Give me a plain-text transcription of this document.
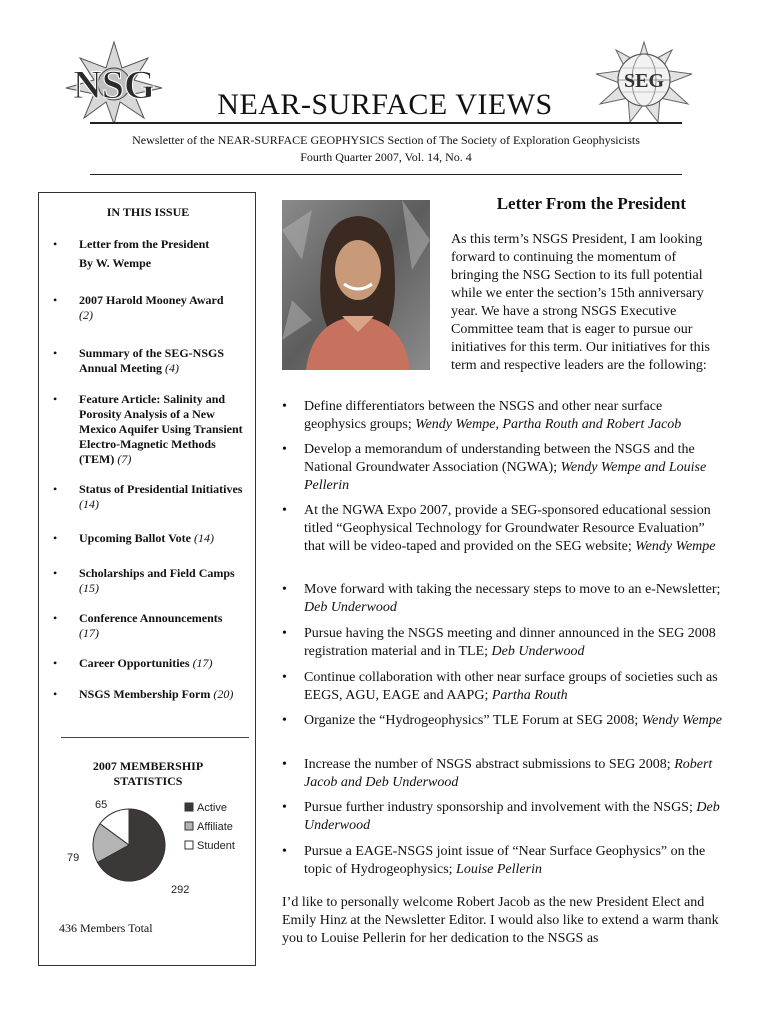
NSG	SEG
NEAR-SURFACE VIEWS
Newsletter of the NEAR-SURFACE GEOPHYSICS Section of The Society of Exploration Geophysicists
Fourth Quarter 2007, Vol. 14, No. 4
IN THIS ISSUE
• Letter from the President
By W. Wempe
• 2007 Harold Mooney Award
(2)
• Summary of the SEG-NSGS Annual Meeting (4)
• Feature Article: Salinity and Porosity Analysis of a New Mexico Aquifer Using Transient Electro-Magnetic Methods (TEM) (7)
• Status of Presidential Initiatives (14)
• Upcoming Ballot Vote (14)
• Scholarships and Field Camps
(15)
• Conference Announcements
(17)
• Career Opportunities (17)
• NSGS Membership Form (20)
2007 MEMBERSHIP
STATISTICS
292
79
65	Active
Affiliate
Student
436 Members Total
Letter From the President
As this term’s NSGS President, I am looking forward to continuing the momentum of bringing the NSG Section to its full potential while we enter the section’s 15th anniversary year. We have a strong NSGS Executive Committee team that is eager to pursue our initiatives for this term. Our initiatives for this term and respective leaders are the following:
• Define differentiators between the NSGS and other near surface geophysics groups; Wendy Wempe, Partha Routh and Robert Jacob
• Develop a memorandum of understanding between the NSGS and the National Groundwater Association (NGWA); Wendy Wempe and Louise Pellerin
• At the NGWA Expo 2007, provide a SEG-sponsored educational session titled “Geophysical Technology for Groundwater Resource Evaluation” that will be video-taped and provided on the SEG website; Wendy Wempe
• Move forward with taking the necessary steps to move to an e-Newsletter; Deb Underwood
• Pursue having the NSGS meeting and dinner announced in the SEG 2008 registration material and in TLE; Deb Underwood
• Continue collaboration with other near surface groups of societies such as EEGS, AGU, EAGE and AAPG; Partha Routh
• Organize the “Hydrogeophysics” TLE Forum at SEG 2008; Wendy Wempe
• Increase the number of NSGS abstract submissions to SEG 2008; Robert Jacob and Deb Underwood
• Pursue further industry sponsorship and involvement with the NSGS; Deb Underwood
• Pursue a EAGE-NSGS joint issue of “Near Surface Geophysics” on the topic of Hydrogeophysics; Louise Pellerin
I’d like to personally welcome Robert Jacob as the new President Elect and Emily Hinz at the Newsletter Editor. I would also like to extend a warm thank you to Louise Pellerin for her dedication to the NSGS as
